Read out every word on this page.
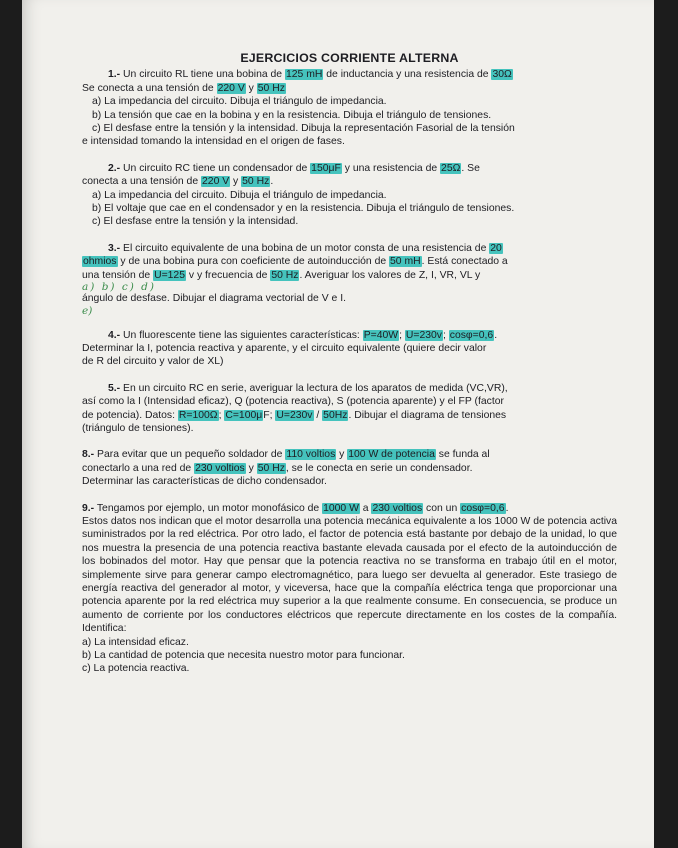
EJERCICIOS CORRIENTE ALTERNA

1.- Un circuito RL tiene una bobina de 125 mH de inductancia y una resistencia de 30Ω

Se conecta a una tensión de 220 V y 50 Hz

a) La impedancia del circuito. Dibuja el triángulo de impedancia.

b) La tensión que cae en la bobina y en la resistencia. Dibuja el triángulo de tensiones.

c) El desfase entre la tensión y la intensidad. Dibuja la representación Fasorial de la tensión

e intensidad tomando la intensidad en el origen de fases.

2.- Un circuito RC tiene un condensador de 150μF y una resistencia de 25Ω. Se

conecta a una tensión de 220 V y 50 Hz.

a) La impedancia del circuito. Dibuja el triángulo de impedancia.

b) El voltaje que cae en el condensador y en la resistencia. Dibuja el triángulo de tensiones.

c) El desfase entre la tensión y la intensidad.

3.- El circuito equivalente de una bobina de un motor consta de una resistencia de 20

ohmios y de una bobina pura con coeficiente de autoinducción de 50 mH. Está conectado a

una tensión de U=125 v y frecuencia de 50 Hz. Averiguar los valores de Z, I, VR, VL y

a) b) c) d)

ángulo de desfase. Dibujar el diagrama vectorial de V e I.

e)

4.- Un fluorescente tiene las siguientes características: P=40W; U=230v; cosφ=0,6.

Determinar la I, potencia reactiva y aparente, y el circuito equivalente (quiere decir valor

de R del circuito y valor de XL)

5.- En un circuito RC en serie, averiguar la lectura de los aparatos de medida (VC,VR),

así como la I (Intensidad eficaz), Q (potencia reactiva), S (potencia aparente) y el FP (factor

de potencia). Datos: R=100Ω; C=100μF; U=230v / 50Hz. Dibujar el diagrama de tensiones

(triángulo de tensiones).

8.- Para evitar que un pequeño soldador de 110 voltios y 100 W de potencia se funda al

conectarlo a una red de 230 voltios y 50 Hz, se le conecta en serie un condensador.

Determinar las características de dicho condensador.

9.- Tengamos por ejemplo, un motor monofásico de 1000 W a 230 voltios con un cosφ=0,6.

Estos datos nos indican que el motor desarrolla una potencia mecánica equivalente a los 1000 W de potencia activa suministrados por la red eléctrica. Por otro lado, el factor de potencia está bastante por debajo de la unidad, lo que nos muestra la presencia de una potencia reactiva bastante elevada causada por el efecto de la autoinducción de los bobinados del motor. Hay que pensar que la potencia reactiva no se transforma en trabajo útil en el motor, simplemente sirve para generar campo electromagnético, para luego ser devuelta al generador. Este trasiego de energía reactiva del generador al motor, y viceversa, hace que la compañía eléctrica tenga que proporcionar una potencia aparente por la red eléctrica muy superior a la que realmente consume. En consecuencia, se produce un aumento de corriente por los conductores eléctricos que repercute directamente en los costes de la compañía. Identifica:

a) La intensidad eficaz.

b) La cantidad de potencia que necesita nuestro motor para funcionar.

c) La potencia reactiva.
